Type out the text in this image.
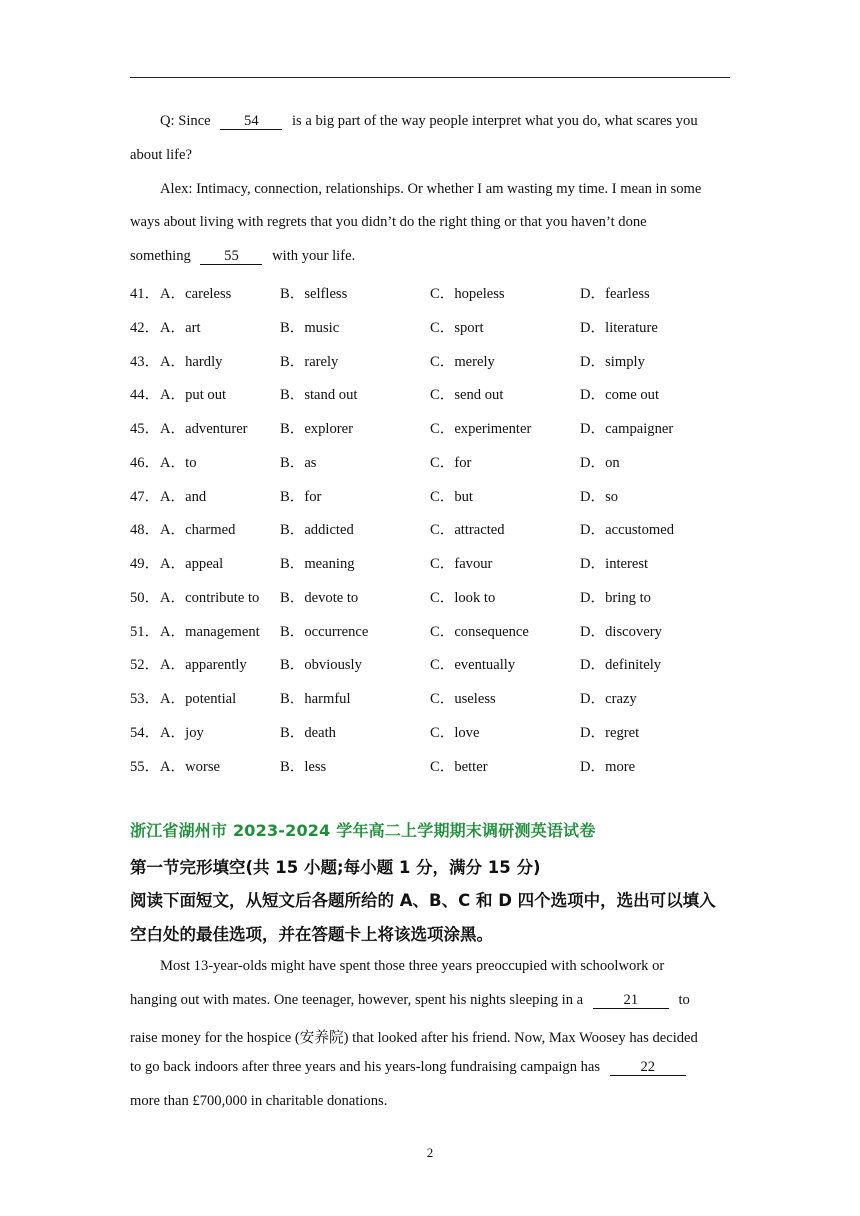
Q: Since 54 is a big part of the way people interpret what you do, what scares you
about life?
Alex: Intimacy, connection, relationships. Or whether I am wasting my time. I mean in some
ways about living with regrets that you didn’t do the right thing or that you haven’t done
something 55 with your life.
41． A．careless	B．selfless	C．hopeless	D．fearless
42． A．art	B．music	C．sport	D．literature
43． A．hardly	B．rarely	C．merely	D．simply
44． A．put out	B．stand out	C．send out	D．come out
45． A．adventurer B．explorer	C．experimenter	D．campaigner
46． A．to	B．as	C．for	D．on
47． A．and	B．for	C．but	D．so
48． A．charmed	B．addicted	C．attracted	D．accustomed
49． A．appeal	B．meaning	C．favour	D．interest
50． A．contribute to B．devote to	C．look to	D．bring to
51． A．management B．occurrence	C．consequence	D．discovery
52． A．apparently B．obviously	C．eventually	D．definitely
53． A．potential	B．harmful	C．useless	D．crazy
54． A．joy	B．death	C．love	D．regret
55． A．worse	B．less	C．better	D．more
浙江省湖州市 2023-2024 学年高二上学期期末调研测英语试卷
第一节完形填空(共 15 小题;每小题 1 分，满分 15 分)
阅读下面短文，从短文后各题所给的 A、B、C 和 D 四个选项中，选出可以填入
空白处的最佳选项，并在答题卡上将该选项涂黑。
Most 13-year-olds might have spent those three years preoccupied with schoolwork or
hanging out with mates. One teenager, however, spent his nights sleeping in a	21	to
raise money for the hospice (安养院) that looked after his friend. Now, Max Woosey has decided
to go back indoors after three years and his years-long fundraising campaign has	22
more than £700,000 in charitable donations.
2
